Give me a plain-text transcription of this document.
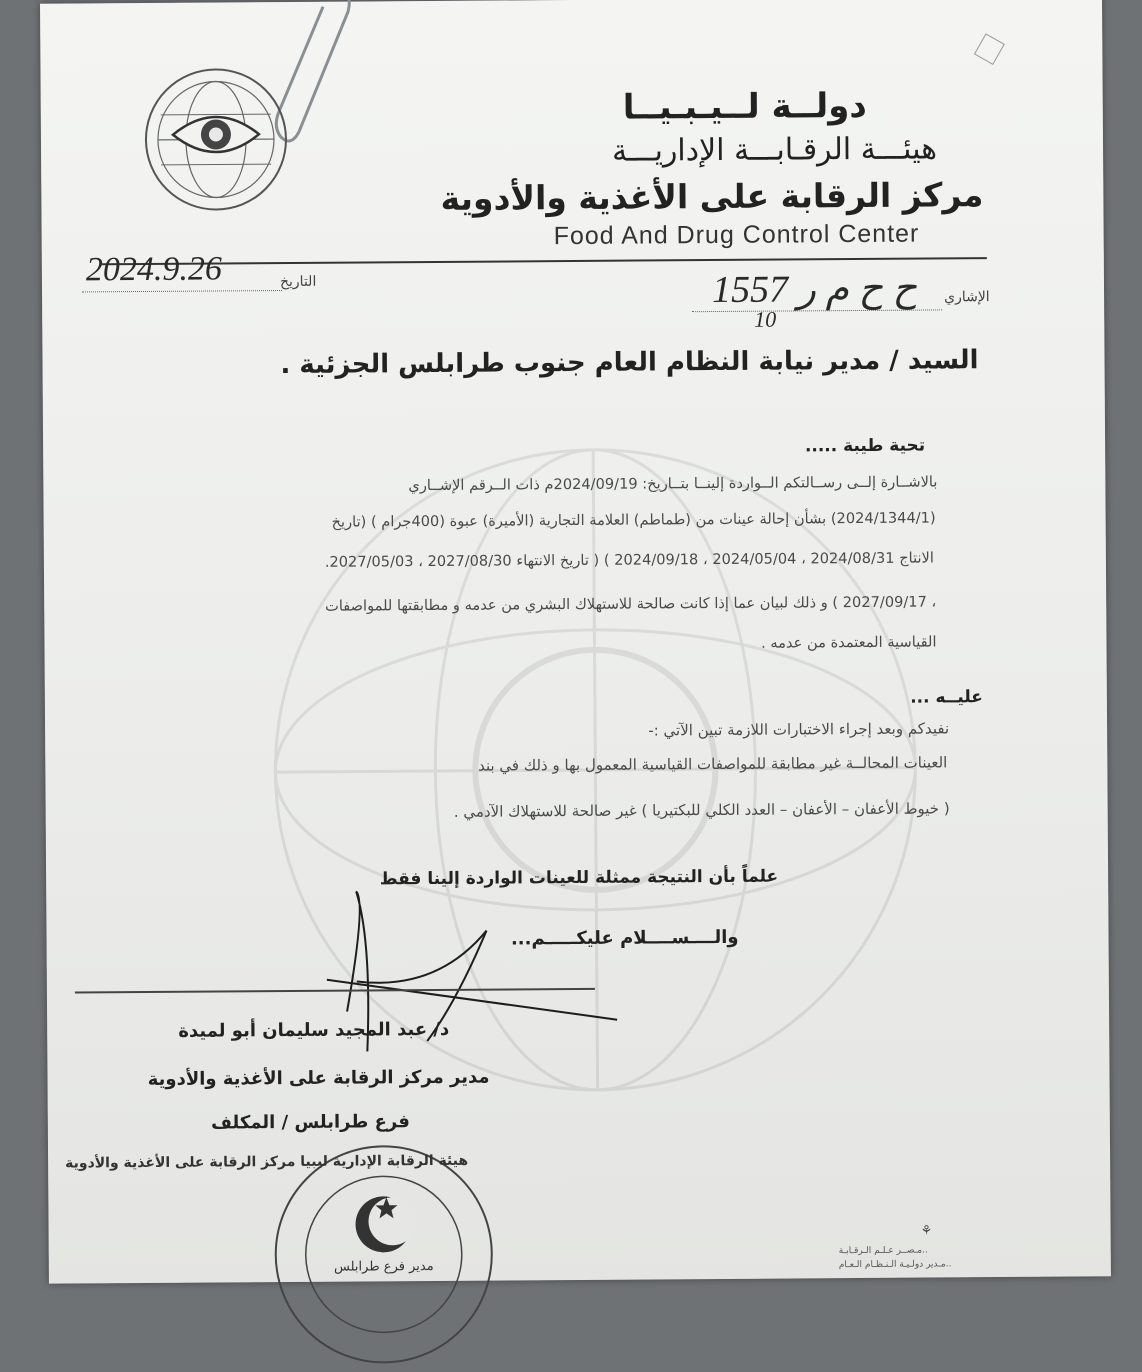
دولــة لــيـبـيــا
هيئـــة الرقـابـــة الإداريـــة
مركز الرقابة على الأغذية والأدوية
Food And Drug Control Center
التاريخ
2024.9.26
الإشاري
1557 ح ح م ر
10
السيد / مدير نيابة النظام العام جنوب طرابلس الجزئية .
تحية طيبة .....
بالاشــارة إلــى رســالتكم الــواردة إلينــا بتــاريخ: 2024/09/19م ذات الــرقم الإشــاري
(2024/1344/1) بشأن إحالة عينات من (طماطم) العلامة التجارية (الأميرة) عبوة (400جرام ) (تاريخ
الانتاج 2024/08/31 ، 2024/05/04 ، 2024/09/18 ) ( تاريخ الانتهاء 2027/08/30 ، 2027/05/03.
، 2027/09/17 ) و ذلك لبيان عما إذا كانت صالحة للاستهلاك البشري من عدمه و مطابقتها للمواصفات
القياسية المعتمدة من عدمه .
عليــه ...
نفيدكم وبعد إجراء الاختبارات اللازمة تبين الآتي :-
العينات المحالــة غير مطابقة للمواصفات القياسية المعمول بها و ذلك في بند
( خيوط الأعفان – الأعفان – العدد الكلي للبكتيريا ) غير صالحة للاستهلاك الآدمي .
علماً بأن النتيجة ممثلة للعينات الواردة إلينا فقط
والــــســــلام عليكـــــم...
د/ عبد المجيد سليمان أبو لميدة
مدير مركز الرقابة على الأغذية والأدوية
فرع طرابلس / المكلف
هيئة الرقابة الإدارية ليبيا مركز الرقابة على الأغذية والأدوية
مدير فرع طرابلس
⚘
..مـصــر عـلـم الـرقـابـة
..مـدير دولـيـة الـنـظـام الـعـام
